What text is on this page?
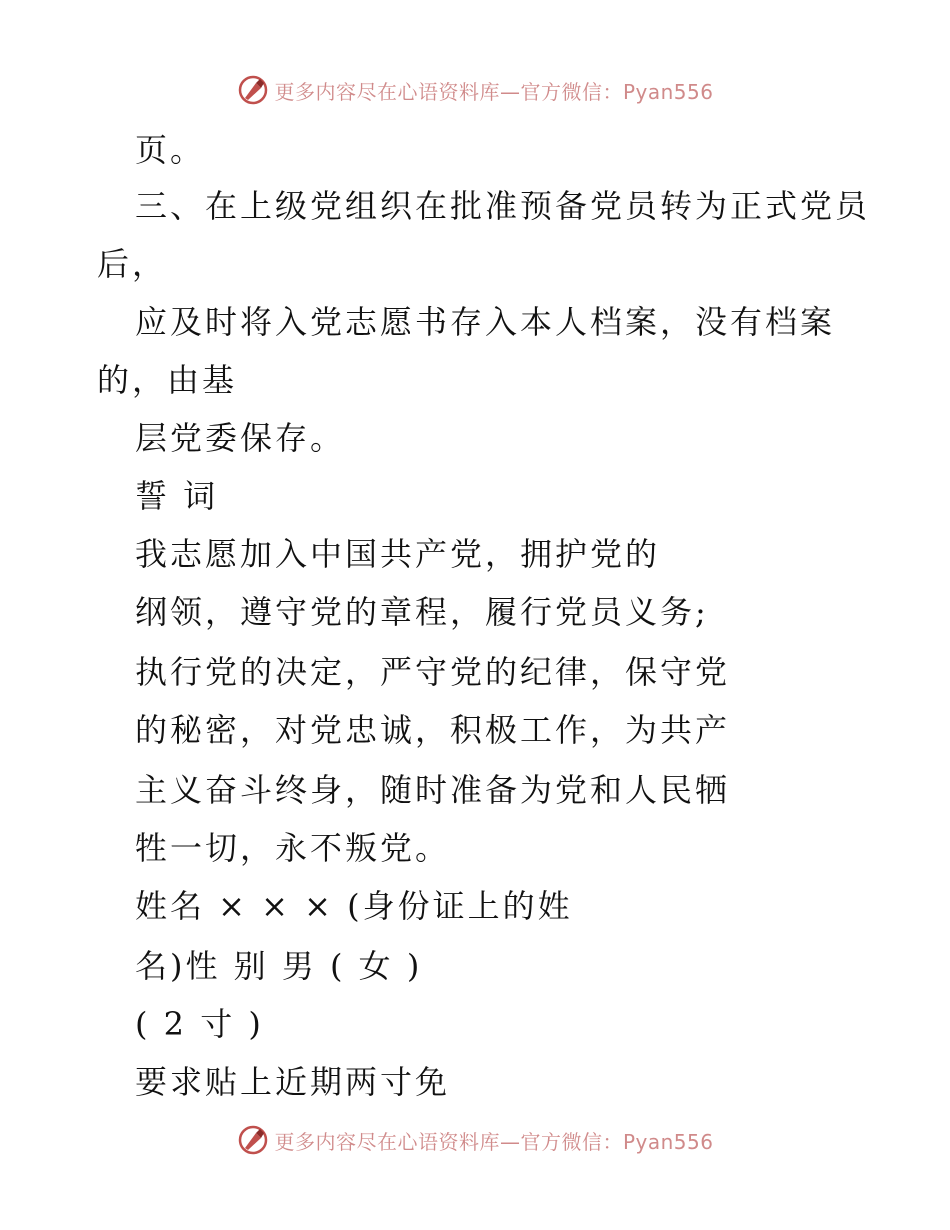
更多内容尽在心语资料库—官方微信：Pyan556
页。
三、在上级党组织在批准预备党员转为正式党员
后，
应及时将入党志愿书存入本人档案，没有档案
的，由基
层党委保存。
誓 词
我志愿加入中国共产党，拥护党的
纲领，遵守党的章程，履行党员义务;
执行党的决定，严守党的纪律，保守党
的秘密，对党忠诚，积极工作，为共产
主义奋斗终身，随时准备为党和人民牺
牲一切，永不叛党。
姓名 × × × (身份证上的姓
名)性 别 男 ( 女 )
( 2 寸 )
要求贴上近期两寸免
更多内容尽在心语资料库—官方微信：Pyan556
